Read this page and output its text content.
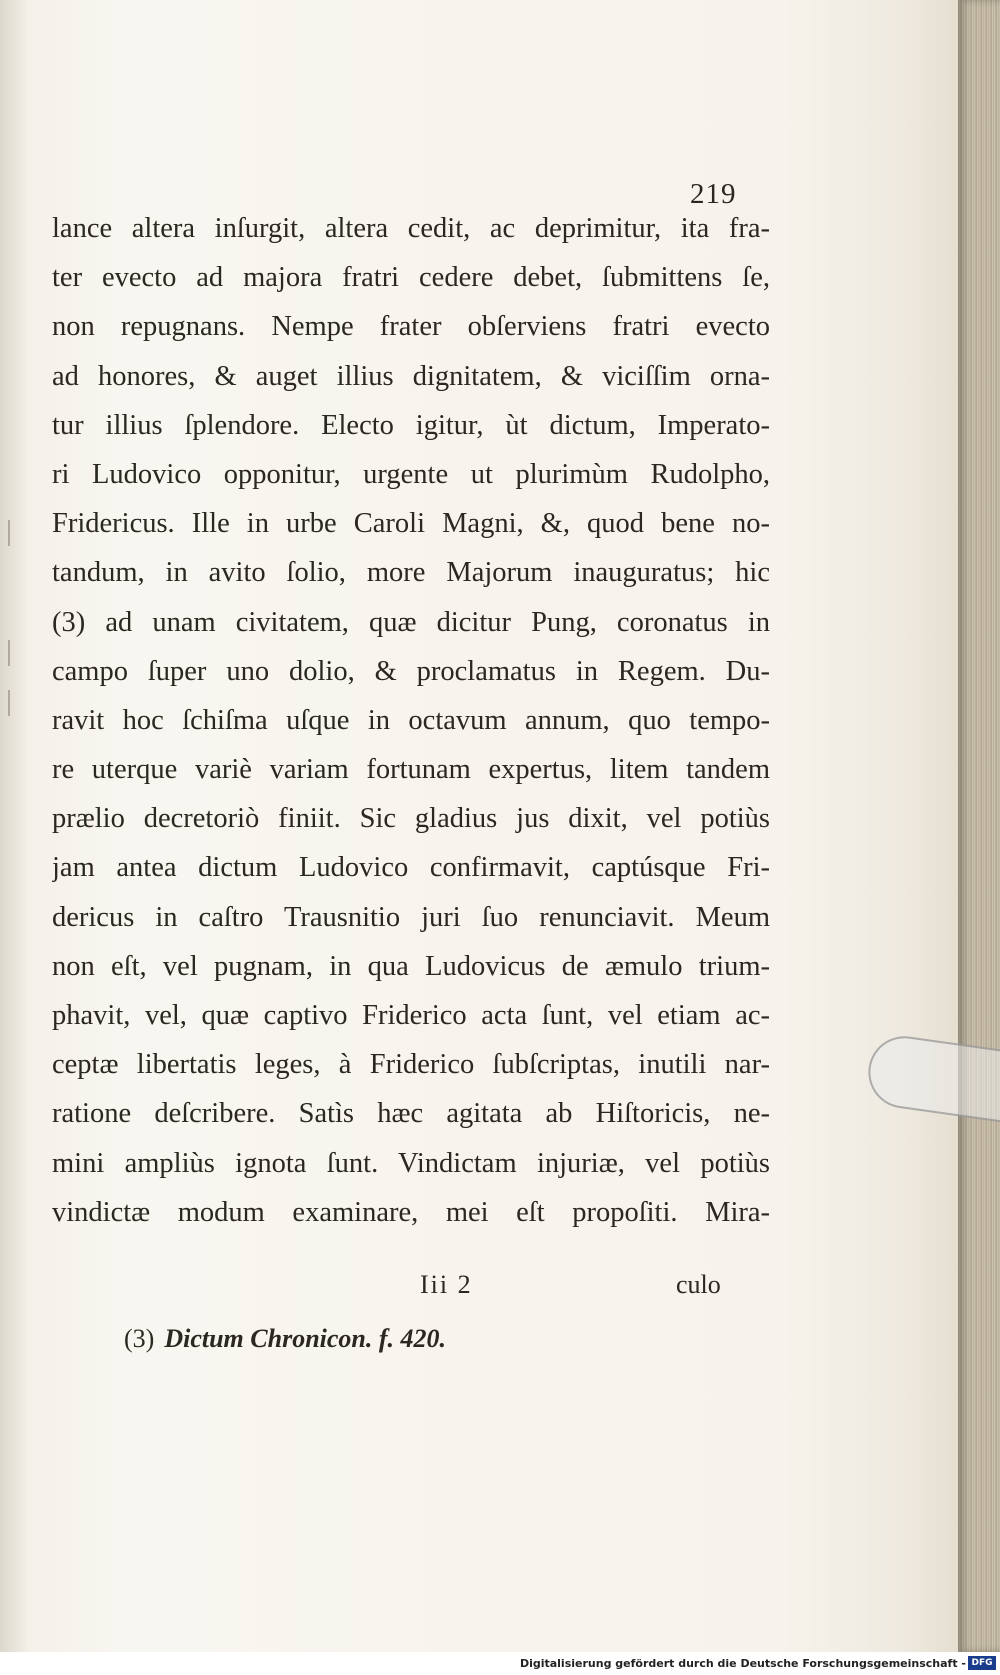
219

lance altera inſurgit, altera cedit, ac deprimitur, ita fra-
ter evecto ad majora fratri cedere debet, ſubmittens ſe,
non repugnans. Nempe frater obſerviens fratri evecto
ad honores, & auget illius dignitatem, & viciſſim orna-
tur illius ſplendore. Electo igitur, ùt dictum, Imperato-
ri Ludovico opponitur, urgente ut plurimùm Rudolpho,
Fridericus. Ille in urbe Caroli Magni, &, quod bene no-
tandum, in avito ſolio, more Majorum inauguratus; hic
(3) ad unam civitatem, quæ dicitur Pung, coronatus in
campo ſuper uno dolio, & proclamatus in Regem. Du-
ravit hoc ſchiſma uſque in octavum annum, quo tempo-
re uterque variè variam fortunam expertus, litem tandem
prælio decretoriò finiit. Sic gladius jus dixit, vel potiùs
jam antea dictum Ludovico confirmavit, captúsque Fri-
dericus in caſtro Trausnitio juri ſuo renunciavit. Meum
non eſt, vel pugnam, in qua Ludovicus de æmulo trium-
phavit, vel, quæ captivo Friderico acta ſunt, vel etiam ac-
ceptæ libertatis leges, à Friderico ſubſcriptas, inutili nar-
ratione deſcribere. Satìs hæc agitata ab Hiſtoricis, ne-
mini ampliùs ignota ſunt. Vindictam injuriæ, vel potiùs
vindictæ modum examinare, mei eſt propoſiti. Mira-

Iii 2	culo
(3) Dictum Chronicon. f. 420.
Digitalisierung gefördert durch die Deutsche Forschungsgemeinschaft - DFG
